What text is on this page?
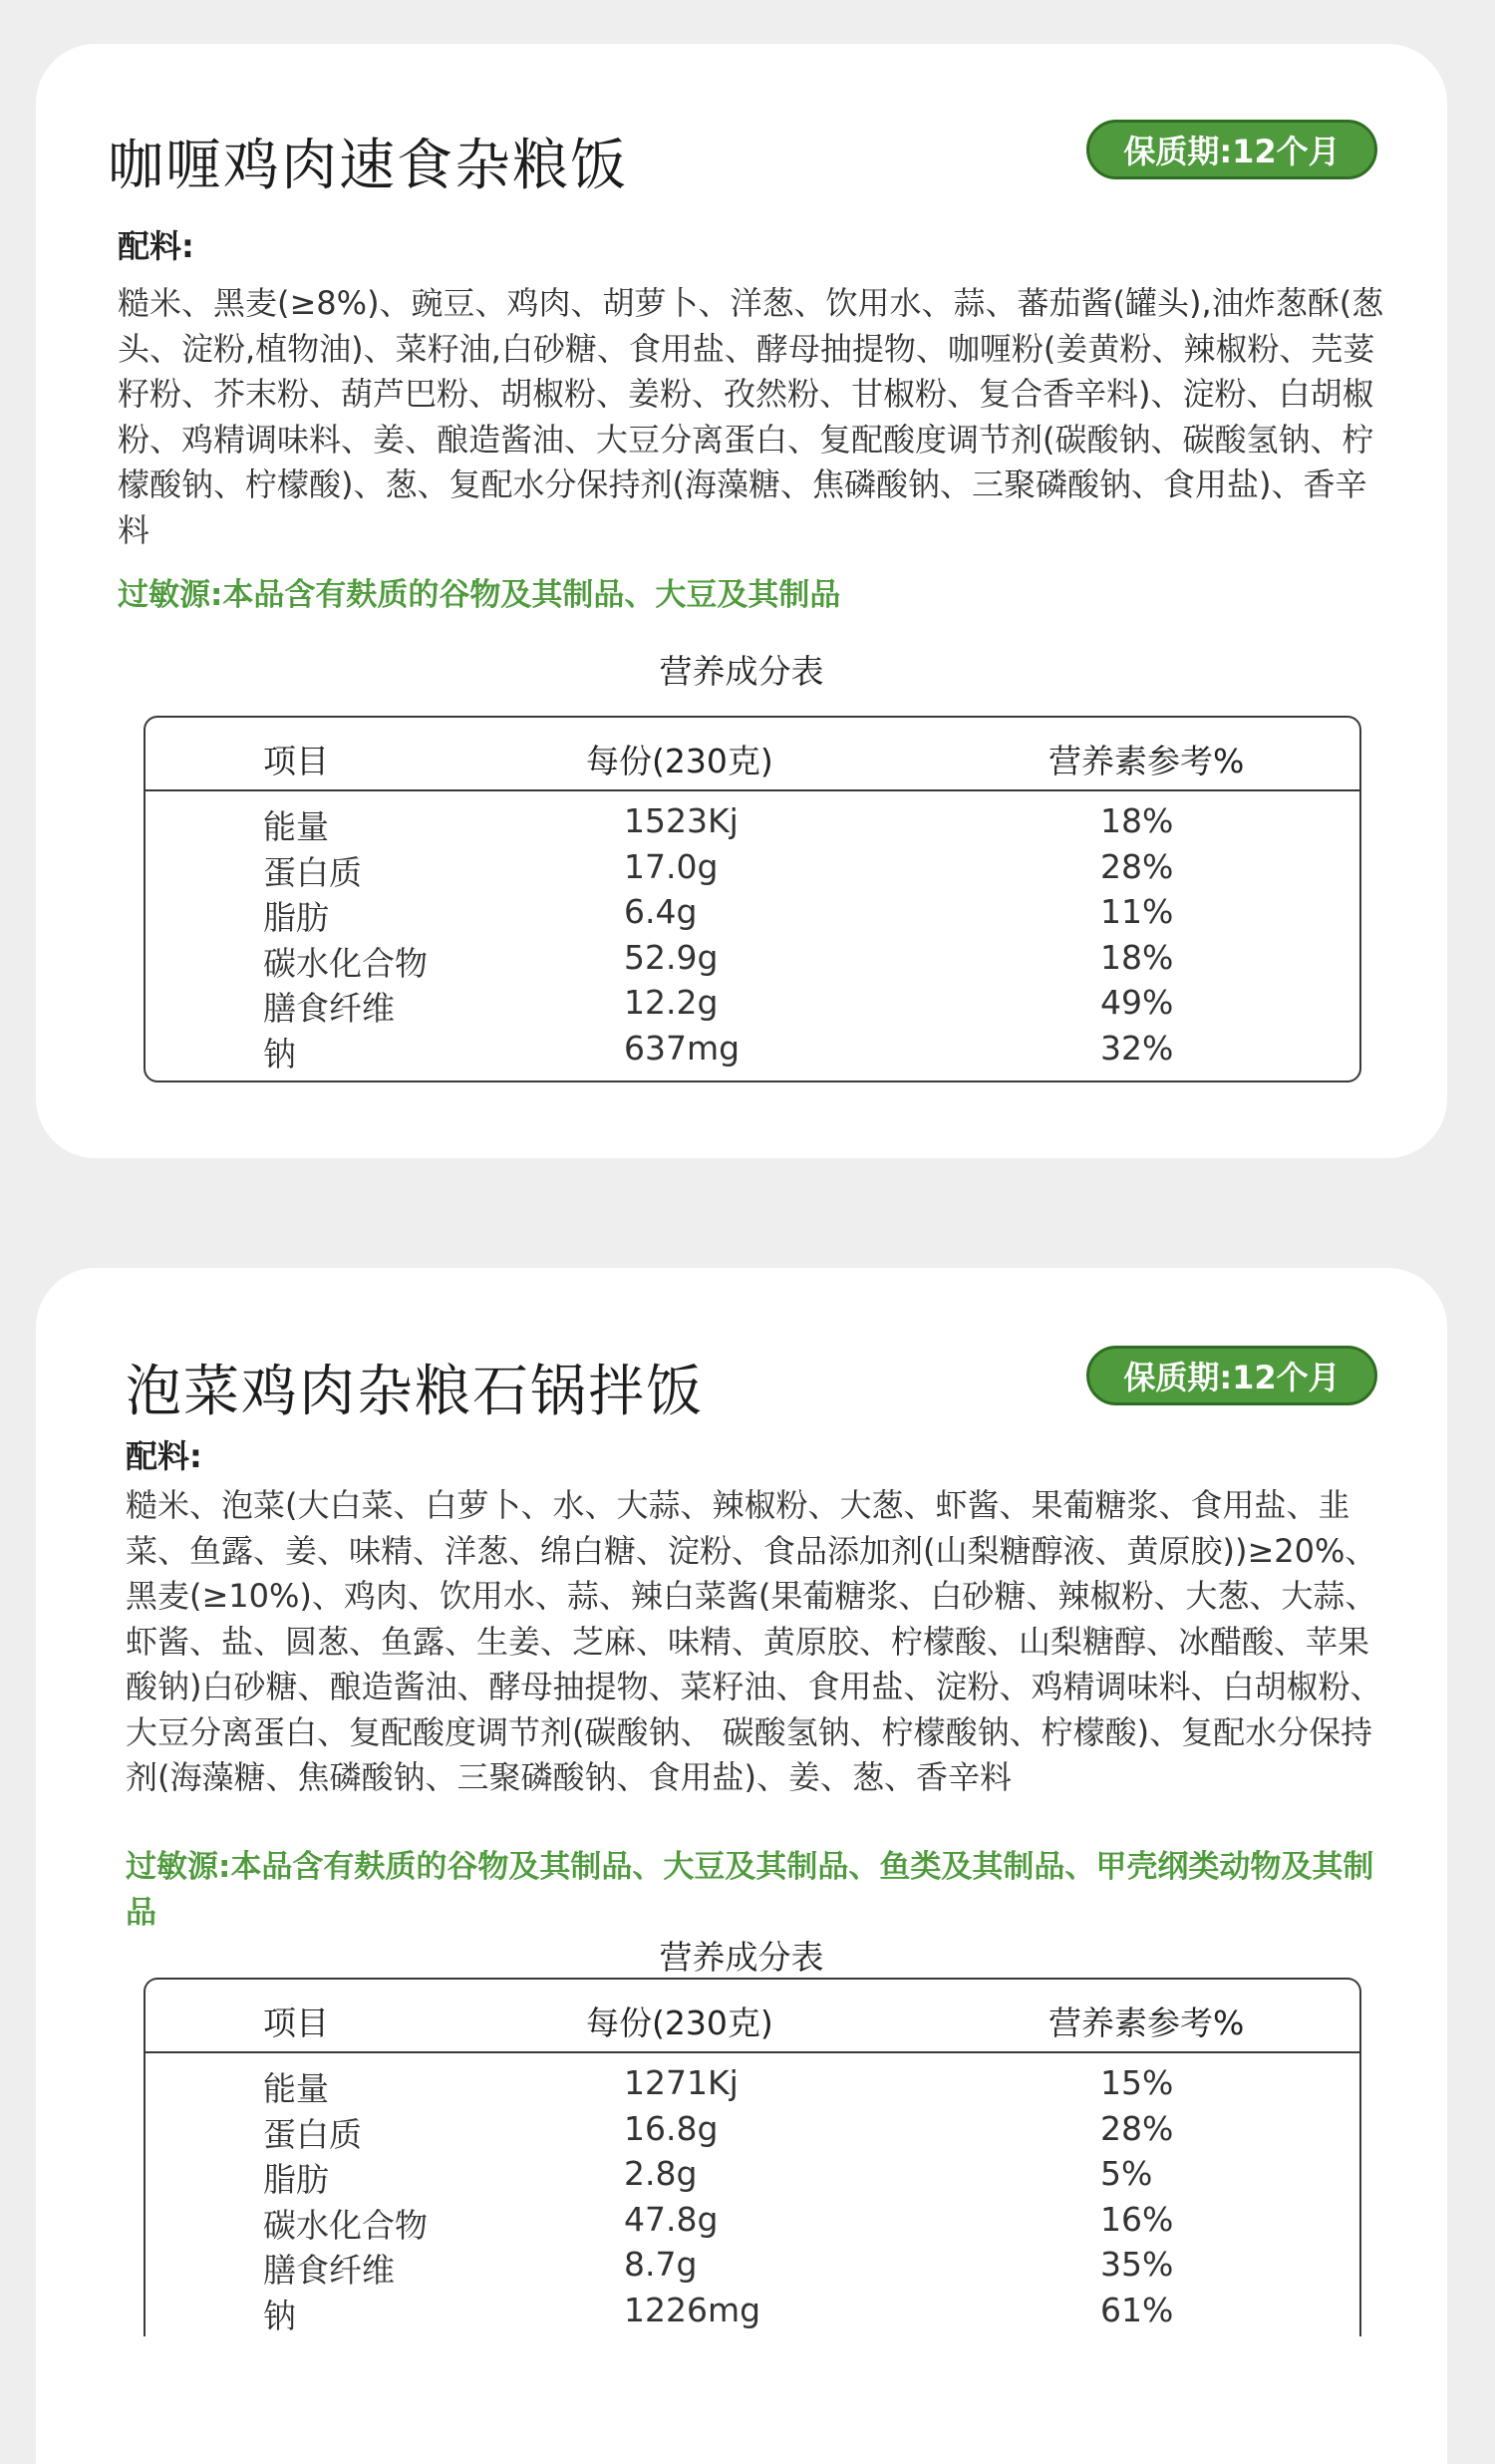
咖喱鸡肉速食杂粮饭	保质期:12个月
配料:

糙米、黑麦(≥8%)、豌豆、鸡肉、胡萝卜、洋葱、饮用水、蒜、蕃茄酱(罐头),油炸葱酥(葱头、淀粉,植物油)、菜籽油,白砂糖、食用盐、酵母抽提物、咖喱粉(姜黄粉、辣椒粉、芫荽籽粉、芥末粉、葫芦巴粉、胡椒粉、姜粉、孜然粉、甘椒粉、复合香辛料)、淀粉、白胡椒粉、鸡精调味料、姜、酿造酱油、大豆分离蛋白、复配酸度调节剂(碳酸钠、碳酸氢钠、柠檬酸钠、柠檬酸)、葱、复配水分保持剂(海藻糖、焦磷酸钠、三聚磷酸钠、食用盐)、香辛料

过敏源:本品含有麸质的谷物及其制品、大豆及其制品

营养成分表
项目	每份(230克)	营养素参考%
能量	1523Kj	18%
蛋白质	17.0g	28%
脂肪	6.4g	11%
碳水化合物	52.9g	18%
膳食纤维	12.2g	49%
钠	637mg	32%
泡菜鸡肉杂粮石锅拌饭	保质期:12个月
配料:

糙米、泡菜(大白菜、白萝卜、水、大蒜、辣椒粉、大葱、虾酱、果葡糖浆、食用盐、韭菜、鱼露、姜、味精、洋葱、绵白糖、淀粉、食品添加剂(山梨糖醇液、黄原胶))≥20%、黑麦(≥10%)、鸡肉、饮用水、蒜、辣白菜酱(果葡糖浆、白砂糖、辣椒粉、大葱、大蒜、虾酱、盐、圆葱、鱼露、生姜、芝麻、味精、黄原胶、柠檬酸、山梨糖醇、冰醋酸、苹果酸钠)白砂糖、酿造酱油、酵母抽提物、菜籽油、食用盐、淀粉、鸡精调味料、白胡椒粉、大豆分离蛋白、复配酸度调节剂(碳酸钠、 碳酸氢钠、柠檬酸钠、柠檬酸)、复配水分保持剂(海藻糖、焦磷酸钠、三聚磷酸钠、食用盐)、姜、葱、香辛料

过敏源:本品含有麸质的谷物及其制品、大豆及其制品、鱼类及其制品、甲壳纲类动物及其制品

营养成分表
项目	每份(230克)	营养素参考%
能量	1271Kj	15%
蛋白质	16.8g	28%
脂肪	2.8g	5%
碳水化合物	47.8g	16%
膳食纤维	8.7g	35%
钠	1226mg	61%
